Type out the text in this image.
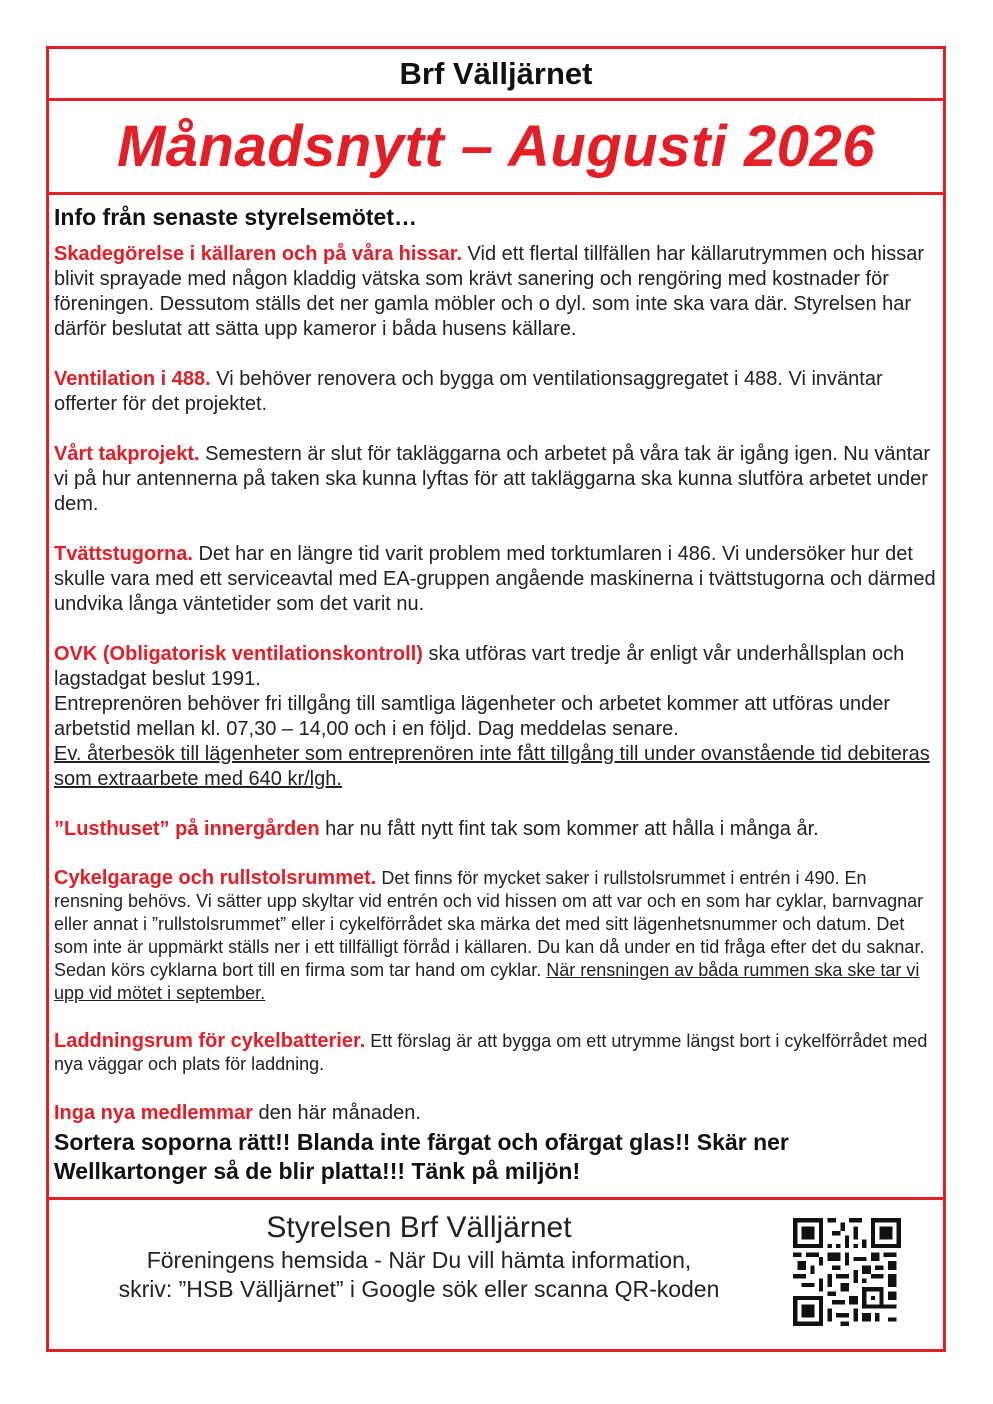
Brf Välljärnet
Månadsnytt – Augusti 2026
Info från senaste styrelsemötet…
Skadegörelse i källaren och på våra hissar. Vid ett flertal tillfällen har källarutrymmen och hissar blivit sprayade med någon kladdig vätska som krävt sanering och rengöring med kostnader för föreningen. Dessutom ställs det ner gamla möbler och o dyl. som inte ska vara där. Styrelsen har därför beslutat att sätta upp kameror i båda husens källare.
Ventilation i 488. Vi behöver renovera och bygga om ventilationsaggregatet i 488. Vi inväntar offerter för det projektet.
Vårt takprojekt. Semestern är slut för takläggarna och arbetet på våra tak är igång igen. Nu väntar vi på hur antennerna på taken ska kunna lyftas för att takläggarna ska kunna slutföra arbetet under dem.
Tvättstugorna. Det har en längre tid varit problem med torktumlaren i 486. Vi undersöker hur det skulle vara med ett serviceavtal med EA-gruppen angående maskinerna i tvättstugorna och därmed undvika långa väntetider som det varit nu.
OVK (Obligatorisk ventilationskontroll) ska utföras vart tredje år enligt vår underhållsplan och lagstadgat beslut 1991.
Entreprenören behöver fri tillgång till samtliga lägenheter och arbetet kommer att utföras under arbetstid mellan kl. 07,30 – 14,00 och i en följd. Dag meddelas senare.
Ev. återbesök till lägenheter som entreprenören inte fått tillgång till under ovanstående tid debiteras som extraarbete med 640 kr/lgh.
”Lusthuset” på innergården har nu fått nytt fint tak som kommer att hålla i många år.
Cykelgarage och rullstolsrummet. Det finns för mycket saker i rullstolsrummet i entrén i 490. En rensning behövs. Vi sätter upp skyltar vid entrén och vid hissen om att var och en som har cyklar, barnvagnar eller annat i ”rullstolsrummet” eller i cykelförrådet ska märka det med sitt lägenhetsnummer och datum. Det som inte är uppmärkt ställs ner i ett tillfälligt förråd i källaren. Du kan då under en tid fråga efter det du saknar. Sedan körs cyklarna bort till en firma som tar hand om cyklar. När rensningen av båda rummen ska ske tar vi upp vid mötet i september.
Laddningsrum för cykelbatterier. Ett förslag är att bygga om ett utrymme längst bort i cykelförrådet med nya väggar och plats för laddning.
Inga nya medlemmar den här månaden.
Sortera soporna rätt!! Blanda inte färgat och ofärgat glas!! Skär ner Wellkartonger så de blir platta!!! Tänk på miljön!
Styrelsen Brf Välljärnet
Föreningens hemsida - När Du vill hämta information,
skriv: ”HSB Välljärnet” i Google sök eller scanna QR-koden
